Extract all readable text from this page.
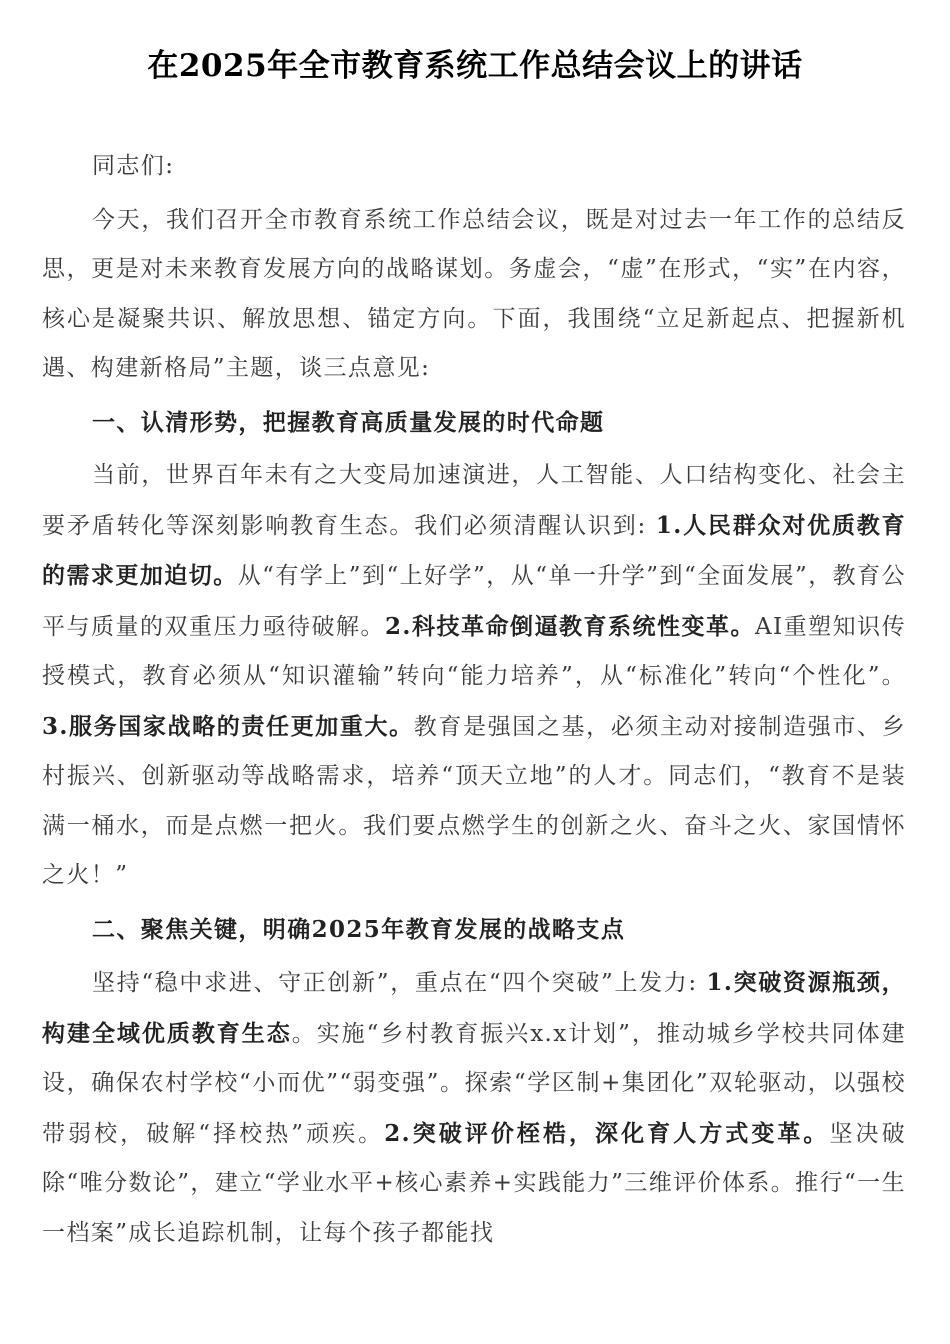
在2025年全市教育系统工作总结会议上的讲话

同志们:

今天，我们召开全市教育系统工作总结会议，既是对过去一年工作的总结反思，更是对未来教育发展方向的战略谋划。务虚会，“虚”在形式，“实”在内容，核心是凝聚共识、解放思想、锚定方向。下面，我围绕“立足新起点、把握新机遇、构建新格局”主题，谈三点意见:

一、认清形势，把握教育高质量发展的时代命题

当前，世界百年未有之大变局加速演进，人工智能、人口结构变化、社会主要矛盾转化等深刻影响教育生态。我们必须清醒认识到: 1.人民群众对优质教育的需求更加迫切。从“有学上”到“上好学”，从“单一升学”到“全面发展”，教育公平与质量的双重压力亟待破解。2.科技革命倒逼教育系统性变革。AI重塑知识传授模式，教育必须从“知识灌输”转向“能力培养”，从“标准化”转向“个性化”。3.服务国家战略的责任更加重大。教育是强国之基，必须主动对接制造强市、乡村振兴、创新驱动等战略需求，培养“顶天立地”的人才。同志们，“教育不是装满一桶水，而是点燃一把火。我们要点燃学生的创新之火、奋斗之火、家国情怀之火！”

二、聚焦关键，明确2025年教育发展的战略支点

坚持“稳中求进、守正创新”，重点在“四个突破”上发力: 1.突破资源瓶颈，构建全域优质教育生态。实施“乡村教育振兴x.x计划”，推动城乡学校共同体建设，确保农村学校“小而优”“弱变强”。探索“学区制+集团化”双轮驱动，以强校带弱校，破解“择校热”顽疾。2.突破评价桎梏，深化育人方式变革。坚决破除“唯分数论”，建立“学业水平+核心素养+实践能力”三维评价体系。推行“一生一档案”成长追踪机制，让每个孩子都能找
